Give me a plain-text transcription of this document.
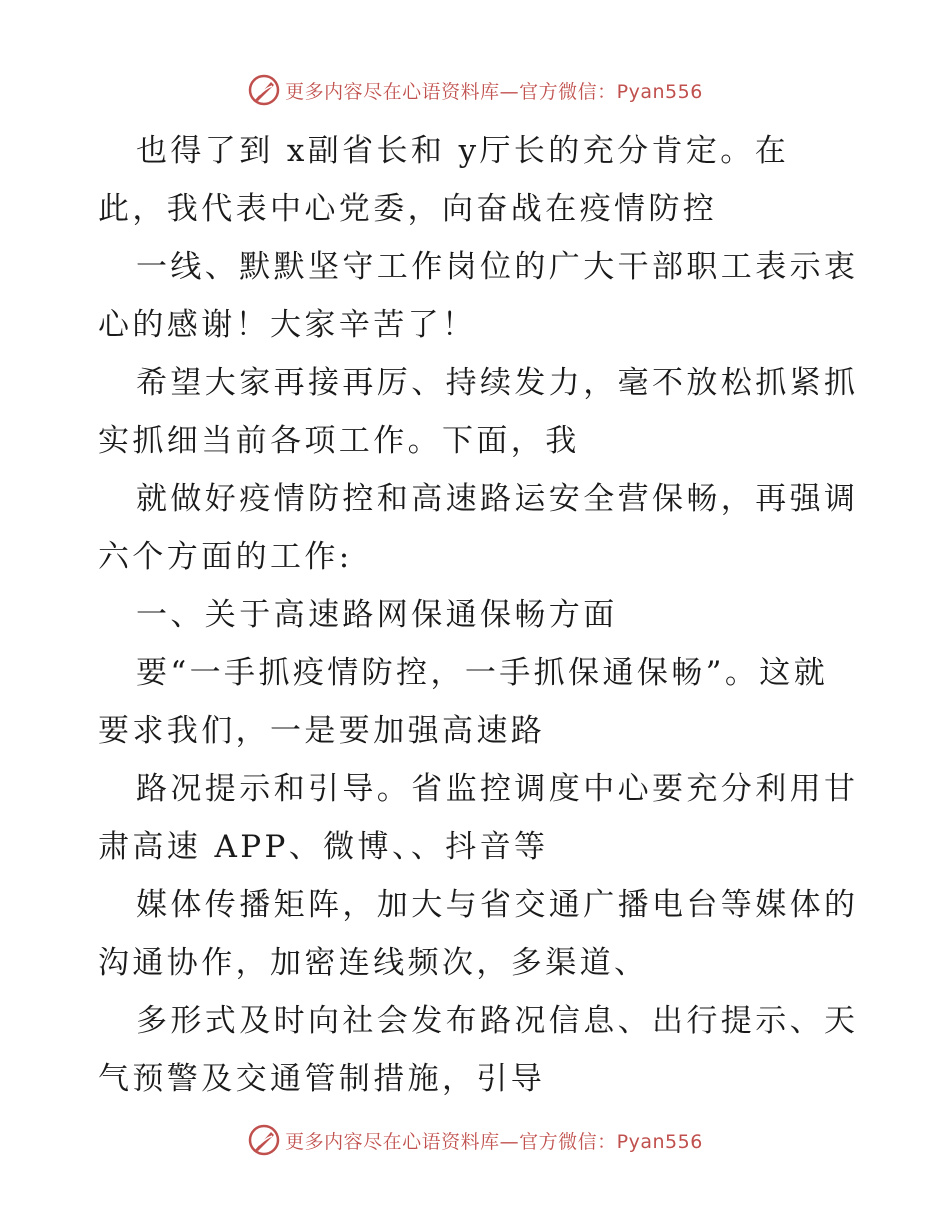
更多内容尽在心语资料库—官方微信：Pyan556
也得了到 x副省长和 y厅长的充分肯定。在
此，我代表中心党委，向奋战在疫情防控
一线、默默坚守工作岗位的广大干部职工表示衷
心的感谢！大家辛苦了！
希望大家再接再厉、持续发力，毫不放松抓紧抓
实抓细当前各项工作。下面，我
就做好疫情防控和高速路运安全营保畅，再强调
六个方面的工作:
一、关于高速路网保通保畅方面
要“一手抓疫情防控，一手抓保通保畅”。这就
要求我们，一是要加强高速路
路况提示和引导。省监控调度中心要充分利用甘
肃高速 APP、微博、、抖音等
媒体传播矩阵，加大与省交通广播电台等媒体的
沟通协作，加密连线频次，多渠道、
多形式及时向社会发布路况信息、出行提示、天
气预警及交通管制措施，引导
更多内容尽在心语资料库—官方微信：Pyan556
